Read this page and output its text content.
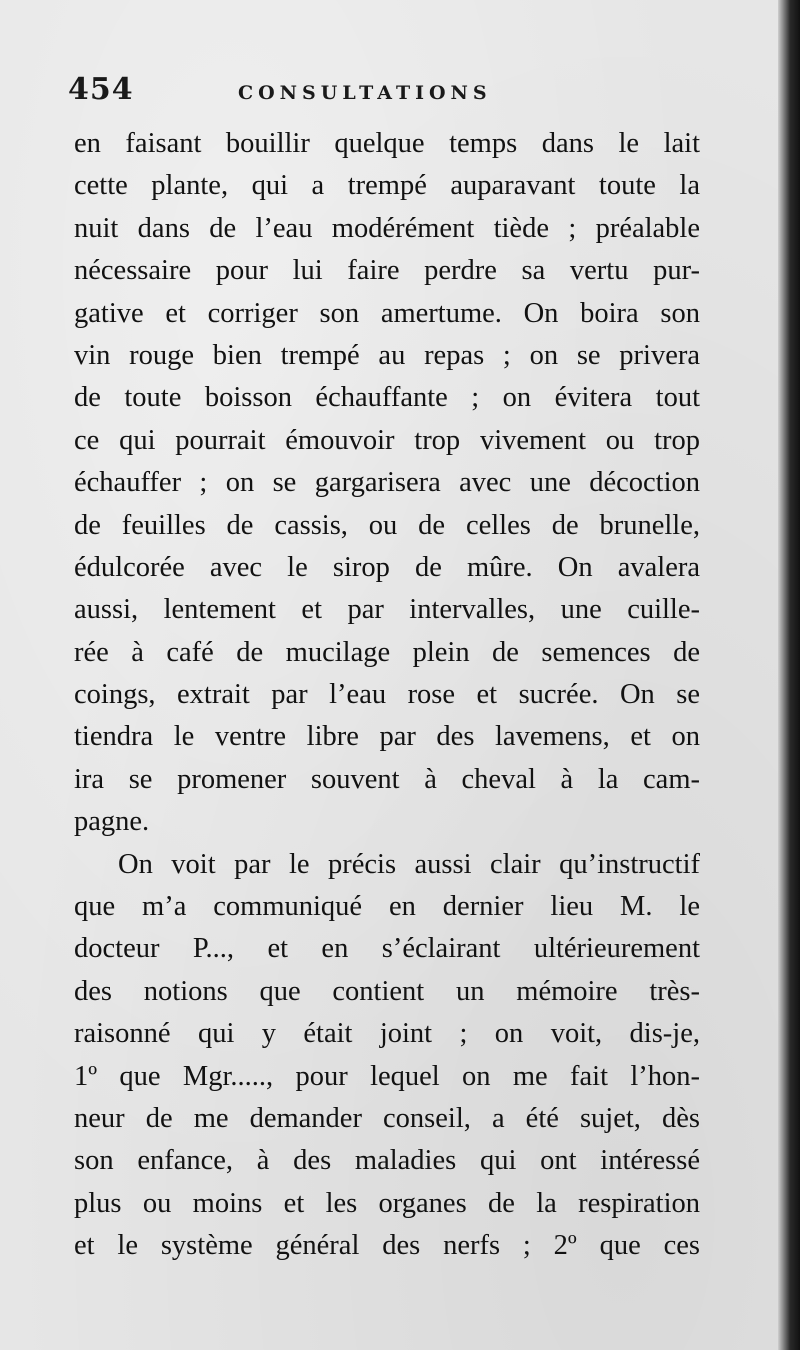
454	CONSULTATIONS
en faisant bouillir quelque temps dans le lait
cette plante, qui a trempé auparavant toute la
nuit dans de l’eau modérément tiède ; préalable
nécessaire pour lui faire perdre sa vertu pur-
gative et corriger son amertume. On boira son
vin rouge bien trempé au repas ; on se privera
de toute boisson échauffante ; on évitera tout
ce qui pourrait émouvoir trop vivement ou trop
échauffer ; on se gargarisera avec une décoction
de feuilles de cassis, ou de celles de brunelle,
édulcorée avec le sirop de mûre. On avalera
aussi, lentement et par intervalles, une cuille-
rée à café de mucilage plein de semences de
coings, extrait par l’eau rose et sucrée. On se
tiendra le ventre libre par des lavemens, et on
ira se promener souvent à cheval à la cam-
pagne.
On voit par le précis aussi clair qu’instructif
que m’a communiqué en dernier lieu M. le
docteur P..., et en s’éclairant ultérieurement
des notions que contient un mémoire très-
raisonné qui y était joint ; on voit, dis-je,
1º que Mgr....., pour lequel on me fait l’hon-
neur de me demander conseil, a été sujet, dès
son enfance, à des maladies qui ont intéressé
plus ou moins et les organes de la respiration
et le système général des nerfs ; 2º que ces
